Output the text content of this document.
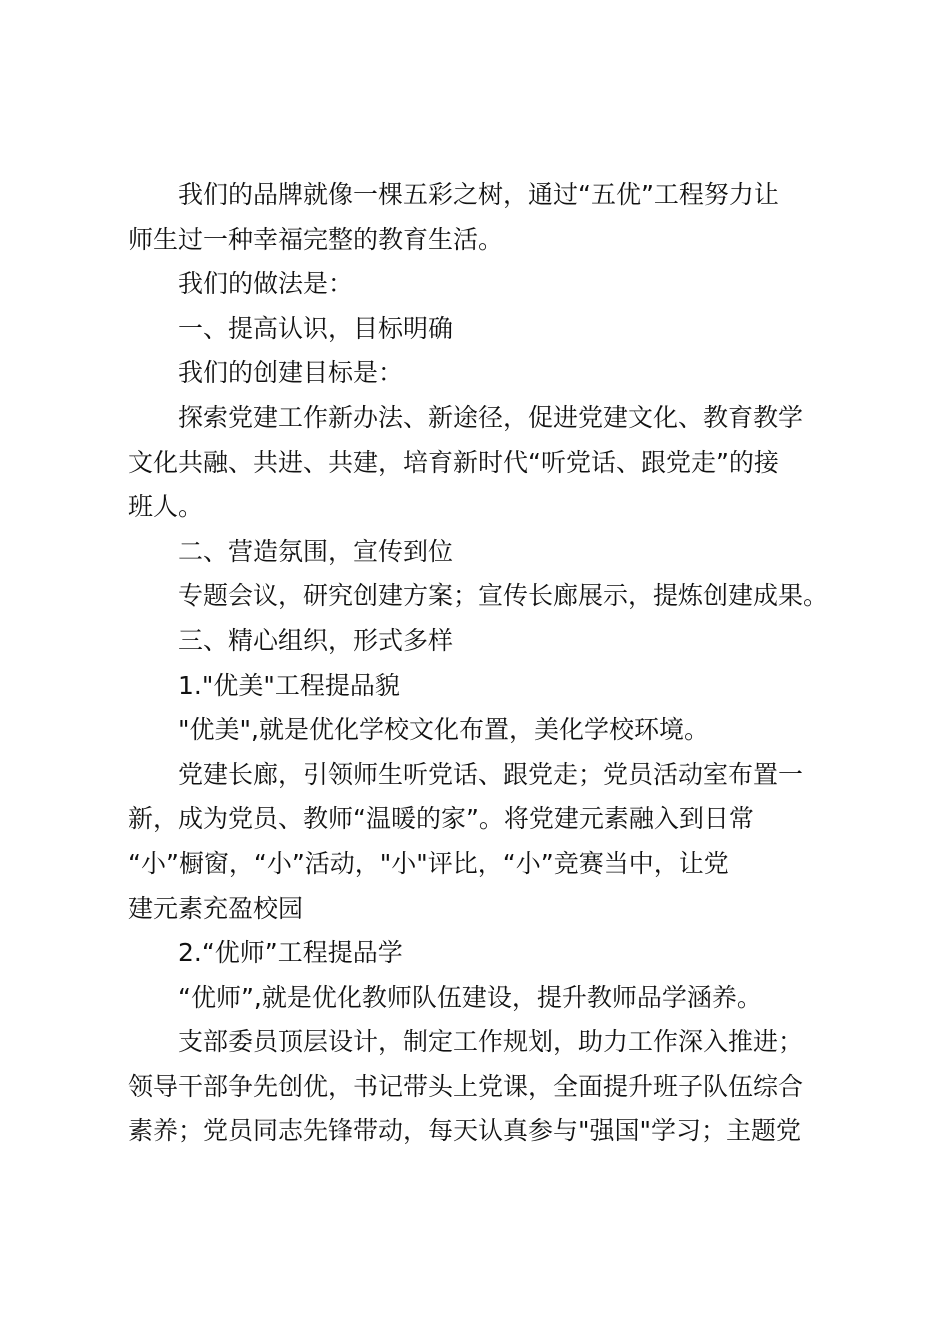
我们的品牌就像一棵五彩之树，通过“五优”工程努力让
师生过一种幸福完整的教育生活。
我们的做法是：
一、提高认识，目标明确
我们的创建目标是：
探索党建工作新办法、新途径，促进党建文化、教育教学
文化共融、共进、共建，培育新时代“听党话、跟党走”的接
班人。
二、营造氛围，宣传到位
专题会议，研究创建方案；宣传长廊展示，提炼创建成果。
三、精心组织，形式多样
1."优美"工程提品貌
"优美",就是优化学校文化布置，美化学校环境。
党建长廊，引领师生听党话、跟党走；党员活动室布置一
新，成为党员、教师“温暖的家”。将党建元素融入到日常
“小”橱窗，“小”活动，"小"评比，“小”竞赛当中，让党
建元素充盈校园
2.“优师”工程提品学
“优师”,就是优化教师队伍建设，提升教师品学涵养。
支部委员顶层设计，制定工作规划，助力工作深入推进；
领导干部争先创优，书记带头上党课，全面提升班子队伍综合
素养；党员同志先锋带动，每天认真参与"强国"学习；主题党
